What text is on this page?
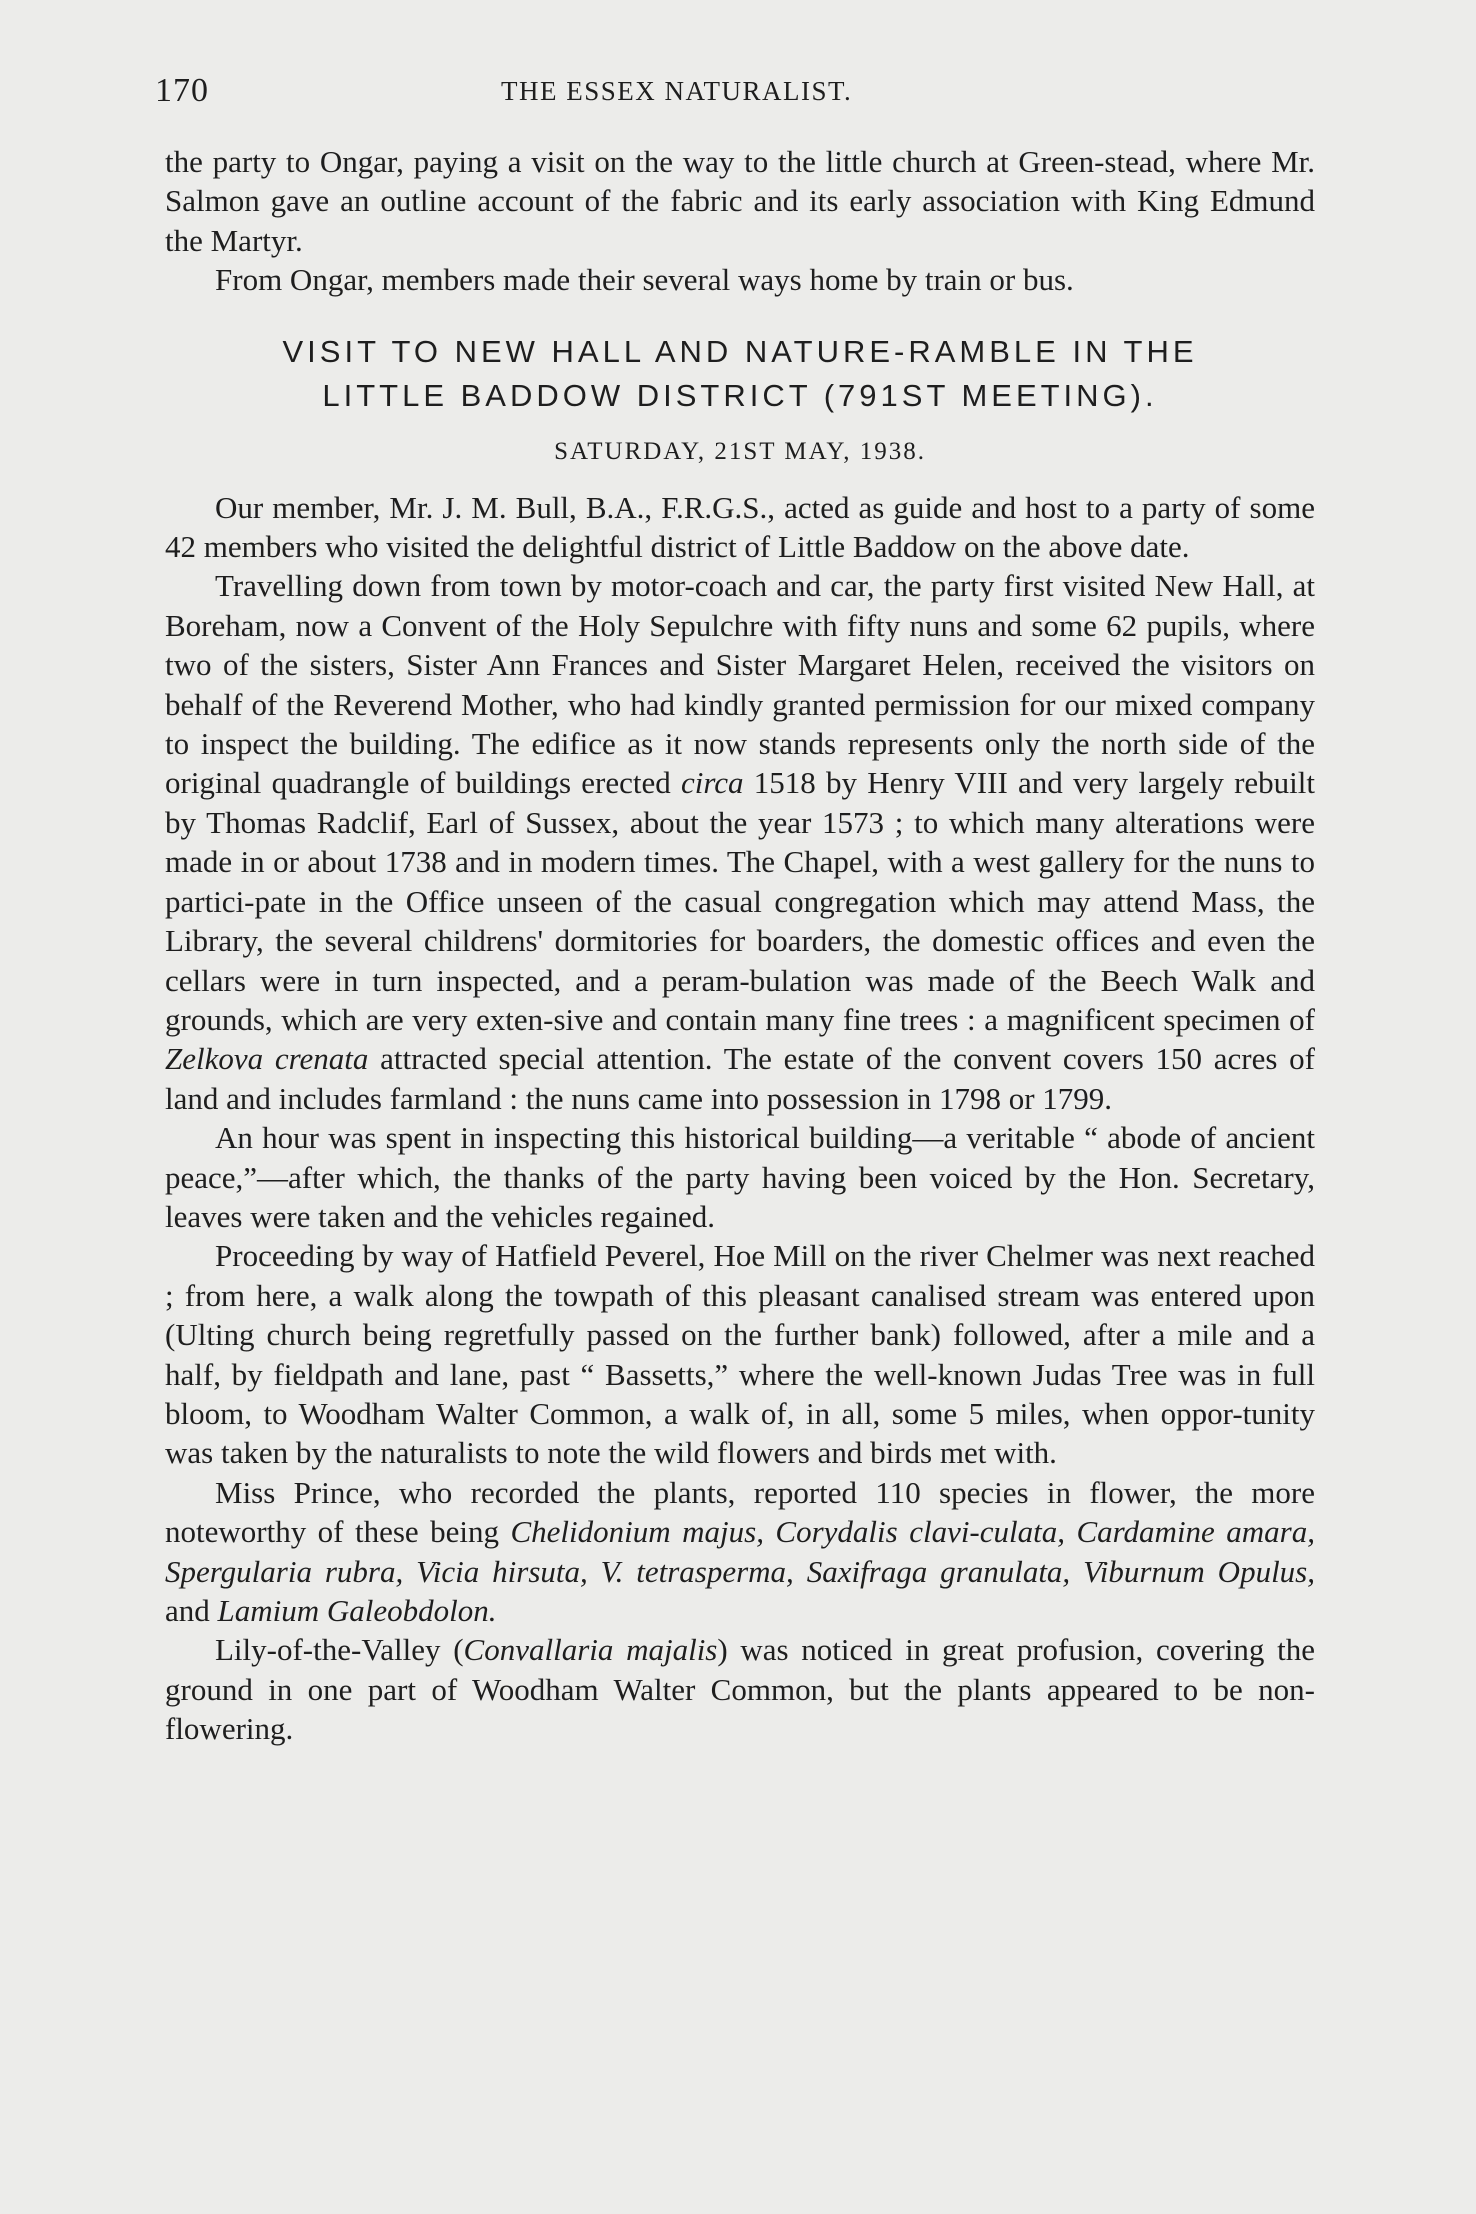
170	THE ESSEX NATURALIST.

the party to Ongar, paying a visit on the way to the little church at Green-stead, where Mr. Salmon gave an outline account of the fabric and its early association with King Edmund the Martyr.

From Ongar, members made their several ways home by train or bus.

VISIT TO NEW HALL AND NATURE-RAMBLE IN THE
LITTLE BADDOW DISTRICT (791ST MEETING).
SATURDAY, 21ST MAY, 1938.

Our member, Mr. J. M. Bull, B.A., F.R.G.S., acted as guide and host to a party of some 42 members who visited the delightful district of Little Baddow on the above date.

Travelling down from town by motor-coach and car, the party first visited New Hall, at Boreham, now a Convent of the Holy Sepulchre with fifty nuns and some 62 pupils, where two of the sisters, Sister Ann Frances and Sister Margaret Helen, received the visitors on behalf of the Reverend Mother, who had kindly granted permission for our mixed company to inspect the building. The edifice as it now stands represents only the north side of the original quadrangle of buildings erected circa 1518 by Henry VIII and very largely rebuilt by Thomas Radclif, Earl of Sussex, about the year 1573 ; to which many alterations were made in or about 1738 and in modern times. The Chapel, with a west gallery for the nuns to partici-pate in the Office unseen of the casual congregation which may attend Mass, the Library, the several childrens' dormitories for boarders, the domestic offices and even the cellars were in turn inspected, and a peram-bulation was made of the Beech Walk and grounds, which are very exten-sive and contain many fine trees : a magnificent specimen of Zelkova crenata attracted special attention. The estate of the convent covers 150 acres of land and includes farmland : the nuns came into possession in 1798 or 1799.

An hour was spent in inspecting this historical building—a veritable “ abode of ancient peace,”—after which, the thanks of the party having been voiced by the Hon. Secretary, leaves were taken and the vehicles regained.

Proceeding by way of Hatfield Peverel, Hoe Mill on the river Chelmer was next reached ; from here, a walk along the towpath of this pleasant canalised stream was entered upon (Ulting church being regretfully passed on the further bank) followed, after a mile and a half, by fieldpath and lane, past “ Bassetts,” where the well-known Judas Tree was in full bloom, to Woodham Walter Common, a walk of, in all, some 5 miles, when oppor-tunity was taken by the naturalists to note the wild flowers and birds met with.

Miss Prince, who recorded the plants, reported 110 species in flower, the more noteworthy of these being Chelidonium majus, Corydalis clavi-culata, Cardamine amara, Spergularia rubra, Vicia hirsuta, V. tetrasperma, Saxifraga granulata, Viburnum Opulus, and Lamium Galeobdolon.

Lily-of-the-Valley (Convallaria majalis) was noticed in great profusion, covering the ground in one part of Woodham Walter Common, but the plants appeared to be non-flowering.
